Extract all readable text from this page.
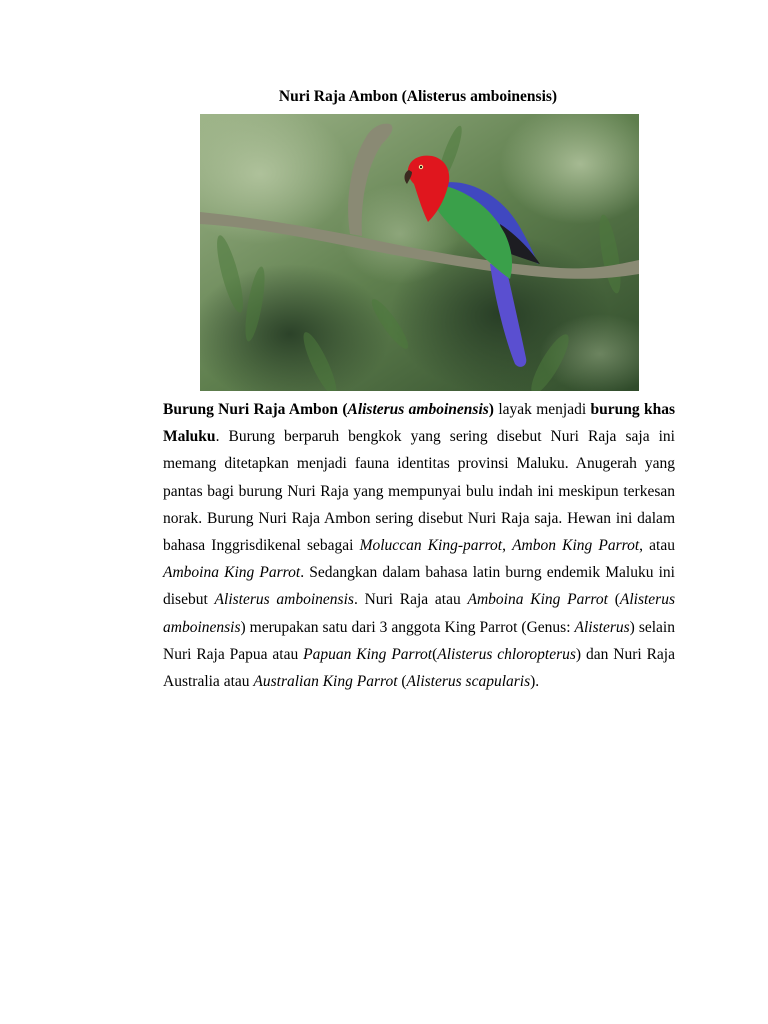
Nuri Raja Ambon (Alisterus amboinensis)

Burung Nuri Raja Ambon (Alisterus amboinensis) layak menjadi burung khas Maluku. Burung berparuh bengkok yang sering disebut Nuri Raja saja ini memang ditetapkan menjadi fauna identitas provinsi Maluku. Anugerah yang pantas bagi burung Nuri Raja yang mempunyai bulu indah ini meskipun terkesan norak. Burung Nuri Raja Ambon sering disebut Nuri Raja saja. Hewan ini dalam bahasa Inggrisdikenal sebagai Moluccan King-parrot, Ambon King Parrot, atau Amboina King Parrot. Sedangkan dalam bahasa latin burng endemik Maluku ini disebut Alisterus amboinensis. Nuri Raja atau Amboina King Parrot (Alisterus amboinensis) merupakan satu dari 3 anggota King Parrot (Genus: Alisterus) selain Nuri Raja Papua atau Papuan King Parrot(Alisterus chloropterus) dan Nuri Raja Australia atau Australian King Parrot (Alisterus scapularis).
